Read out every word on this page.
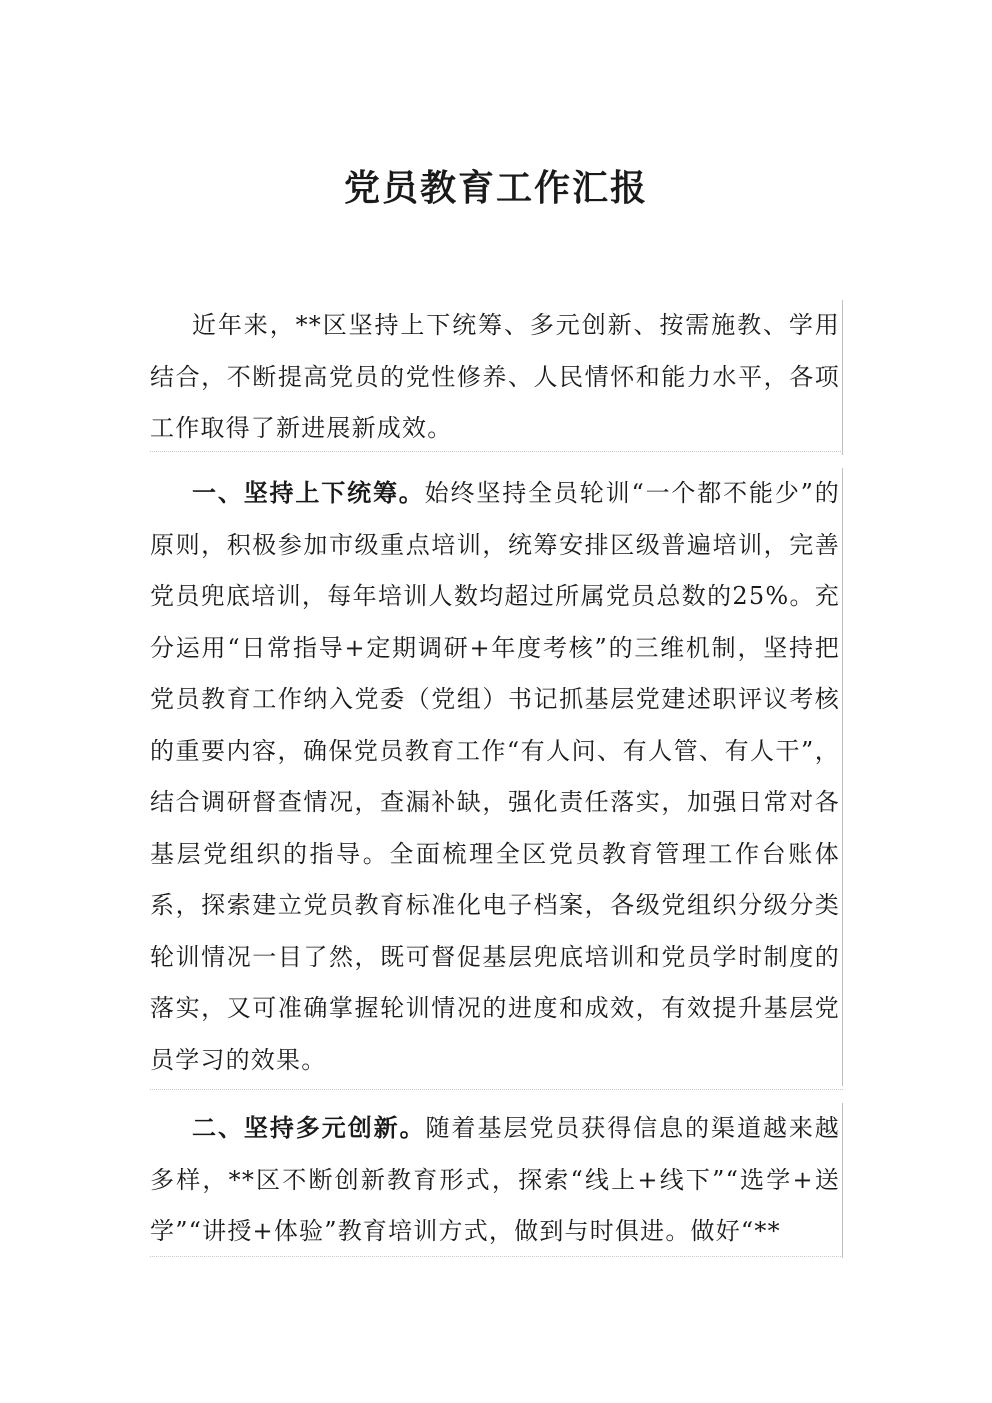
党员教育工作汇报

近年来，**区坚持上下统筹、多元创新、按需施教、学用结合，不断提高党员的党性修养、人民情怀和能力水平，各项工作取得了新进展新成效。

一、坚持上下统筹。始终坚持全员轮训“一个都不能少”的原则，积极参加市级重点培训，统筹安排区级普遍培训，完善党员兜底培训，每年培训人数均超过所属党员总数的25%。充分运用“日常指导+定期调研+年度考核”的三维机制，坚持把党员教育工作纳入党委（党组）书记抓基层党建述职评议考核的重要内容，确保党员教育工作“有人问、有人管、有人干”，结合调研督查情况，查漏补缺，强化责任落实，加强日常对各基层党组织的指导。全面梳理全区党员教育管理工作台账体系，探索建立党员教育标准化电子档案，各级党组织分级分类轮训情况一目了然，既可督促基层兜底培训和党员学时制度的落实，又可准确掌握轮训情况的进度和成效，有效提升基层党员学习的效果。

二、坚持多元创新。随着基层党员获得信息的渠道越来越多样，**区不断创新教育形式，探索“线上+线下”“选学+送学”“讲授+体验”教育培训方式，做到与时俱进。做好“**
